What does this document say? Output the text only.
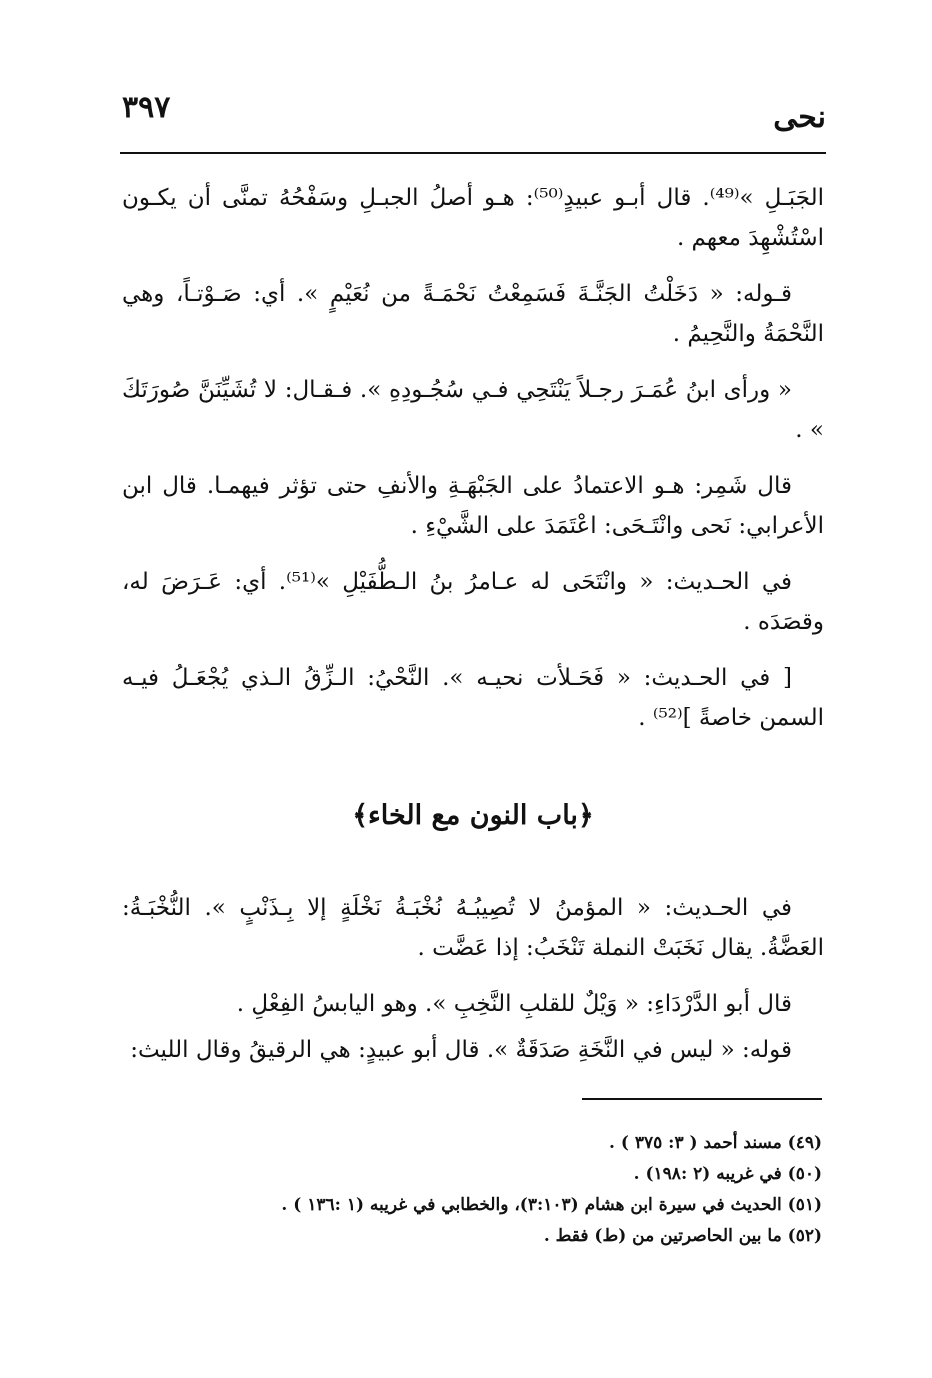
نحى
٣٩٧

الجَبَـلِ »⁽⁴⁹⁾. قال أبـو عبيدٍ⁽⁵⁰⁾: هـو أصلُ الجبـلِ وسَفْحُهُ تمنَّى أن يكـون اسْتُشْهِدَ معهم .

قـوله: « دَخَلْتُ الجَنَّـةَ فَسَمِعْتُ نَحْمَـةً من نُعَيْمٍ ». أي: صَـوْتـاً، وهي النَّحْمَةُ والنَّحِيمُ .

« ورأى ابنُ عُمَـرَ رجـلاً يَنْتَحِي فـي سُجُـودِهِ ». فـقـال: لا تُشَيِّنَنَّ صُورَتَكَ » .

قال شَمِر: هـو الاعتمادُ على الجَبْهَـةِ والأنفِ حتى تؤثر فيهمـا. قال ابن الأعرابي: نَحى وانْتَـحَى: اعْتَمَدَ على الشَّيْءِ .

في الحـديث: « وانْتَحَى له عـامرُ بنُ الـطُّفَيْلِ »⁽⁵¹⁾. أي: عَـرَضَ له، وقصَدَه .

[ في الحـديث: « فَحَـلأت نحيـه ». النَّحْيُ: الـزِّقُ الـذي يُجْعَـلُ فيـه السمن خاصةً ]⁽⁵²⁾ .

﴿باب النون مع الخاء﴾

في الحـديث: « المؤمنُ لا تُصِيبُـهُ نُخْبَـةُ نَخْلَةٍ إلا بِـذَنْبٍ ». النُّخْبَـةُ: العَضَّةُ. يقال نَخَبَتْ النملة تَنْخَبُ: إذا عَضَّت .

قال أبو الدَّرْدَاءِ: « وَيْلٌ للقلبِ النَّخِبِ ». وهو اليابسُ الفِعْلِ .

قوله: « ليس في النَّخَةِ صَدَقَةٌ ». قال أبو عبيدٍ: هي الرقيقُ وقال الليث:

(٤٩) مسند أحمد ( ٣: ٣٧٥ ) .

(٥٠) في غريبه (٢ :١٩٨) .

(٥١) الحديث في سيرة ابن هشام (٣:١٠٣)، والخطابي في غريبه (١ :١٣٦ ) .

(٥٢) ما بين الحاصرتين من (ط) فقط .
